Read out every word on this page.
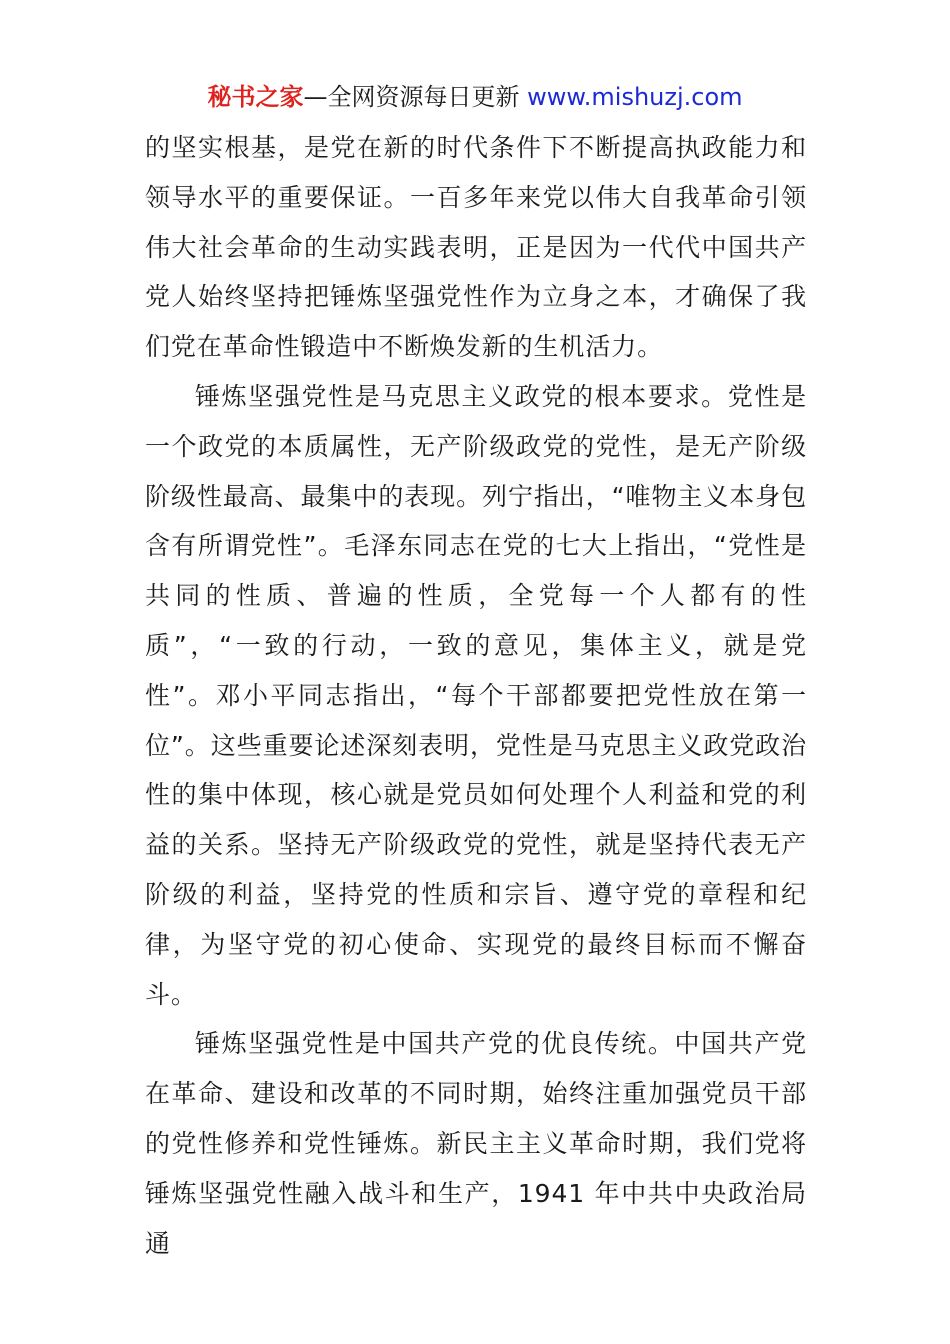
秘书之家—全网资源每日更新 www.mishuzj.com

的坚实根基，是党在新的时代条件下不断提高执政能力和领导水平的重要保证。一百多年来党以伟大自我革命引领伟大社会革命的生动实践表明，正是因为一代代中国共产党人始终坚持把锤炼坚强党性作为立身之本，才确保了我们党在革命性锻造中不断焕发新的生机活力。

锤炼坚强党性是马克思主义政党的根本要求。党性是一个政党的本质属性，无产阶级政党的党性，是无产阶级阶级性最高、最集中的表现。列宁指出，“唯物主义本身包含有所谓党性”。毛泽东同志在党的七大上指出，“党性是共同的性质、普遍的性质，全党每一个人都有的性质”，“一致的行动，一致的意见，集体主义，就是党性”。邓小平同志指出，“每个干部都要把党性放在第一位”。这些重要论述深刻表明，党性是马克思主义政党政治性的集中体现，核心就是党员如何处理个人利益和党的利益的关系。坚持无产阶级政党的党性，就是坚持代表无产阶级的利益，坚持党的性质和宗旨、遵守党的章程和纪律，为坚守党的初心使命、实现党的最终目标而不懈奋斗。

锤炼坚强党性是中国共产党的优良传统。中国共产党在革命、建设和改革的不同时期，始终注重加强党员干部的党性修养和党性锤炼。新民主主义革命时期，我们党将锤炼坚强党性融入战斗和生产，1941 年中共中央政治局通
